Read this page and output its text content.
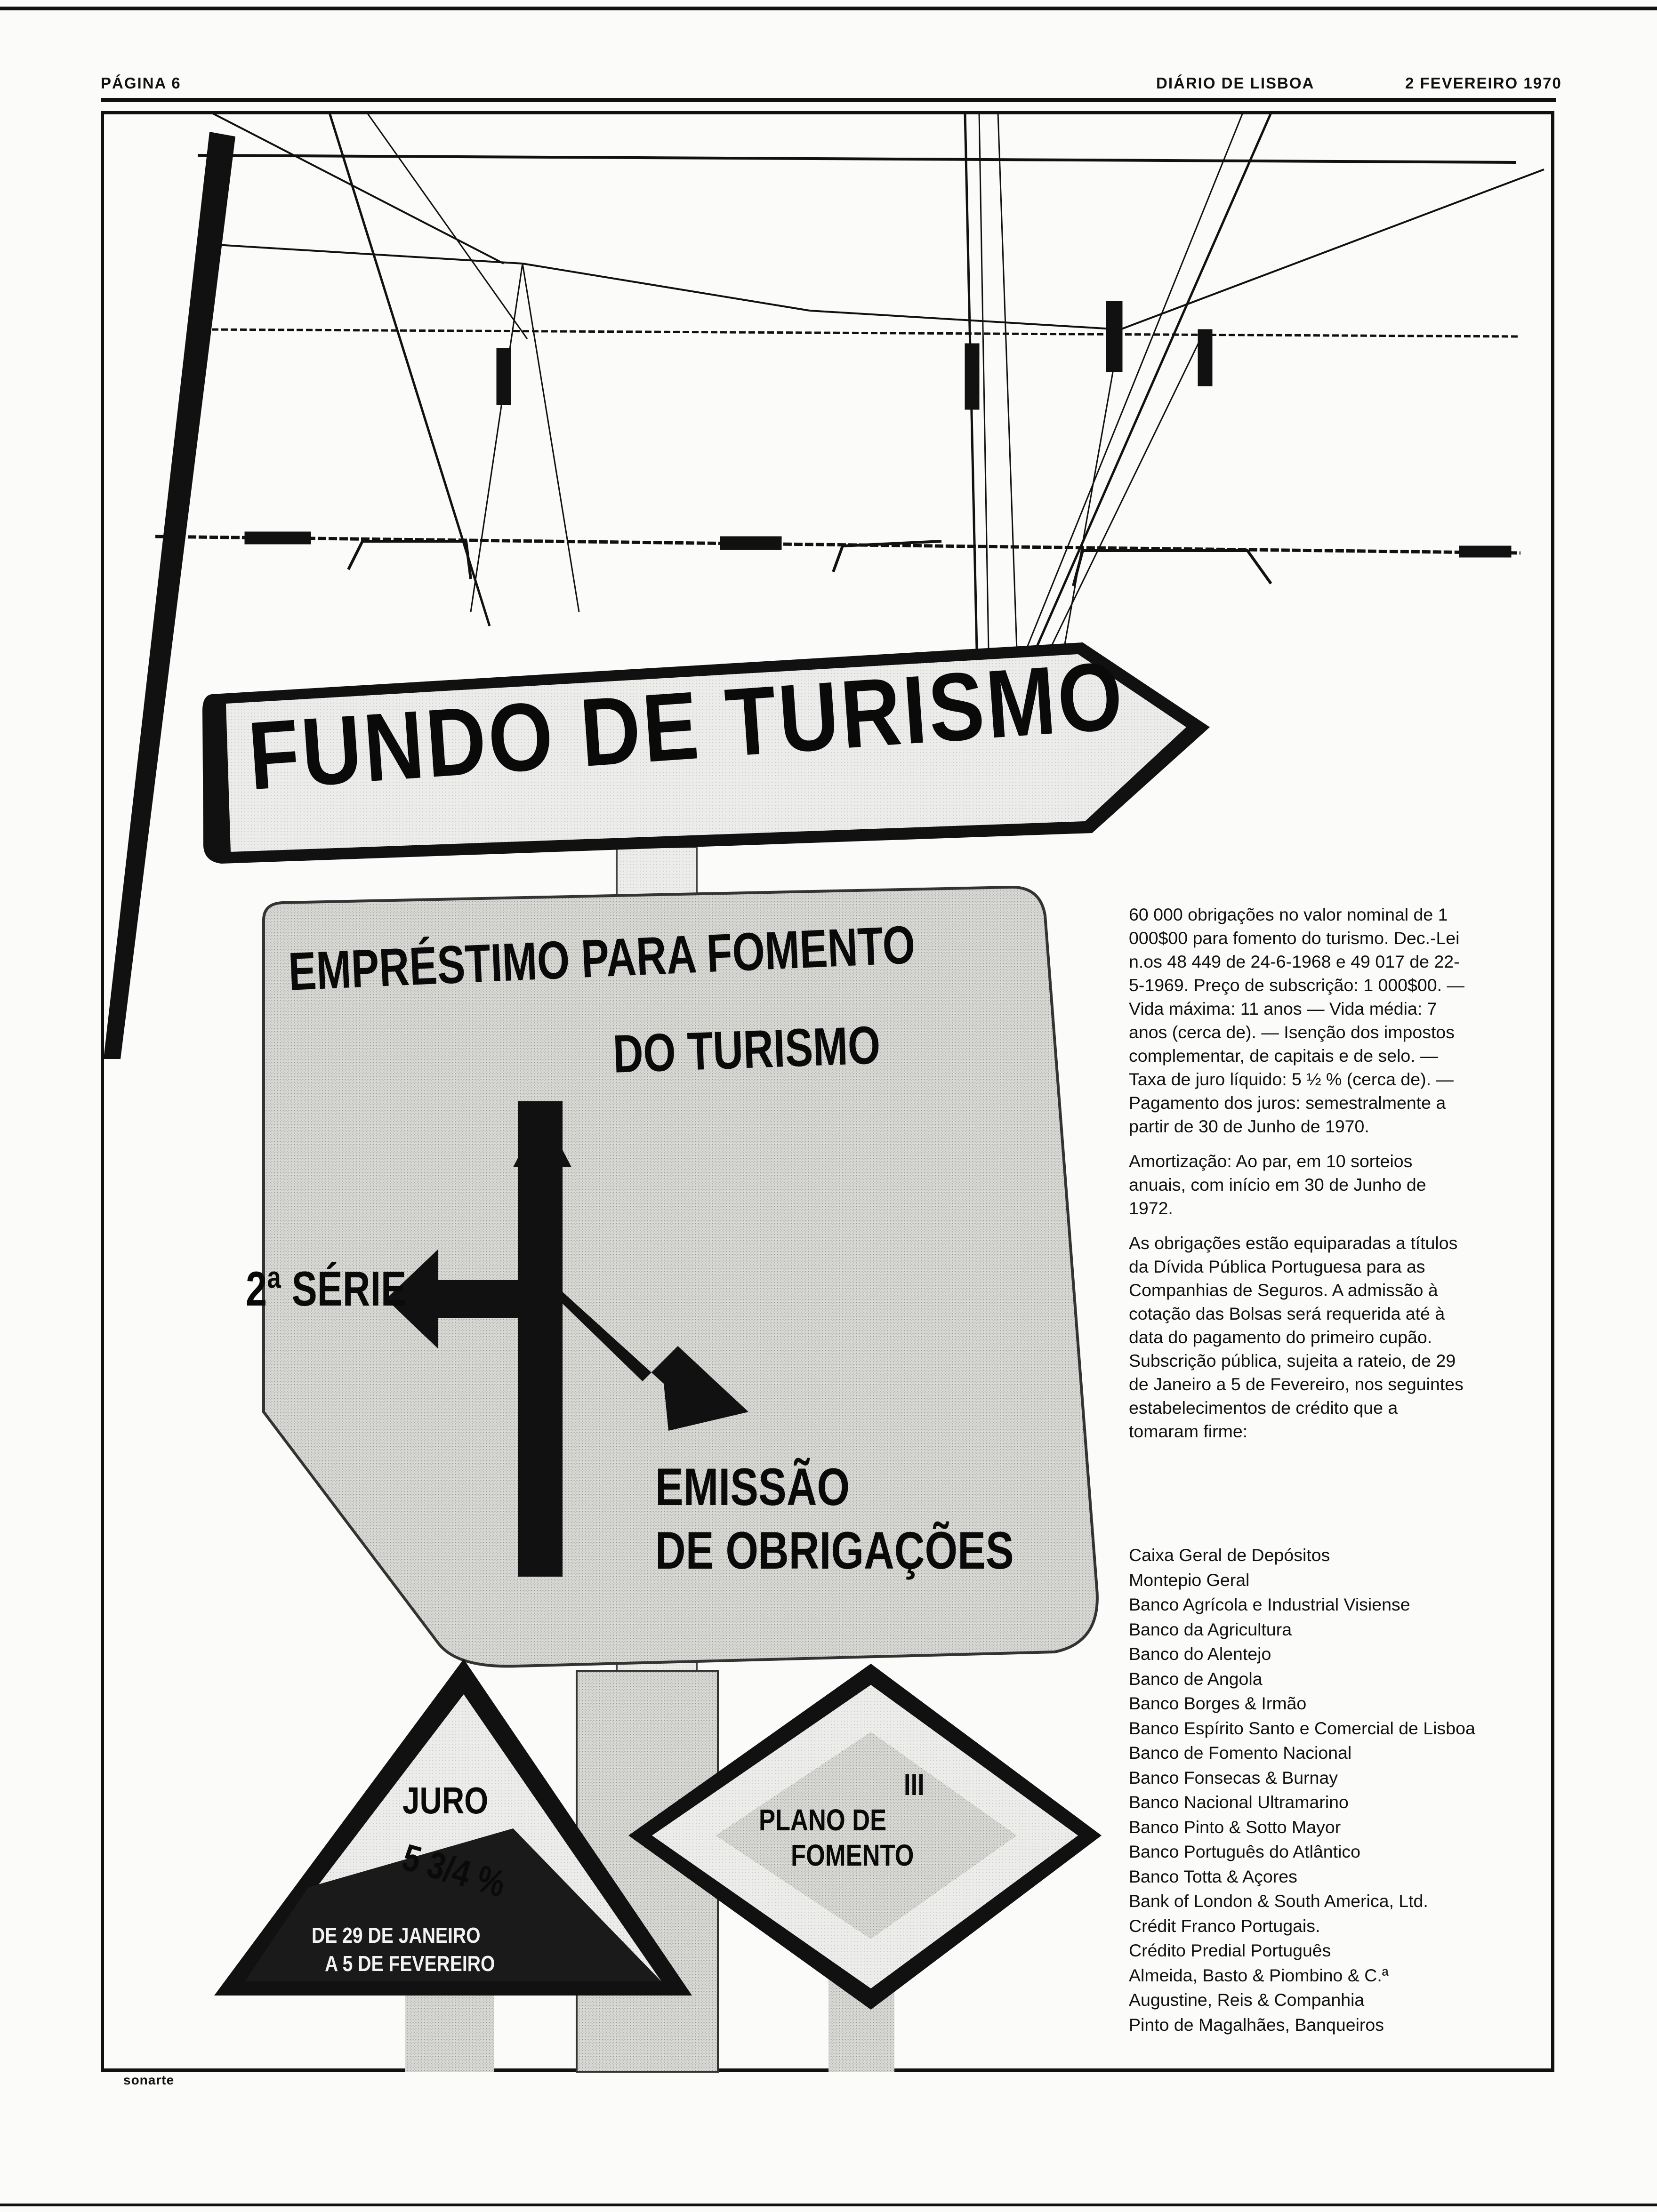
PÁGINA 6	DIÁRIO DE LISBOA	2 FEVEREIRO 1970
FUNDO DE TURISMO
EMPRÉSTIMO PARA FOMENTO
DO TURISMO
2ª SÉRIE
EMISSÃO
DE OBRIGAÇÕES
JURO
5 3/4 %
DE 29 DE JANEIRO
A 5 DE FEVEREIRO
III
PLANO DE
FOMENTO

60 000 obrigações no valor nominal de 1 000$00 para fomento do turismo. Dec.-Lei n.os 48 449 de 24-6-1968 e 49 017 de 22-5-1969. Preço de subscrição: 1 000$00. — Vida máxima: 11 anos — Vida média: 7 anos (cerca de). — Isenção dos impostos complementar, de capitais e de selo. — Taxa de juro líquido: 5 ½ % (cerca de). — Pagamento dos juros: semestralmente a partir de 30 de Junho de 1970.

Amortização: Ao par, em 10 sorteios anuais, com início em 30 de Junho de 1972.

As obrigações estão equiparadas a títulos da Dívida Pública Portuguesa para as Companhias de Seguros. A admissão à cotação das Bolsas será requerida até à data do pagamento do primeiro cupão. Subscrição pública, sujeita a rateio, de 29 de Janeiro a 5 de Fevereiro, nos seguintes estabelecimentos de crédito que a tomaram firme:

Caixa Geral de Depósitos
Montepio Geral
Banco Agrícola e Industrial Visiense
Banco da Agricultura
Banco do Alentejo
Banco de Angola
Banco Borges & Irmão
Banco Espírito Santo e Comercial de Lisboa
Banco de Fomento Nacional
Banco Fonsecas & Burnay
Banco Nacional Ultramarino
Banco Pinto & Sotto Mayor
Banco Português do Atlântico
Banco Totta & Açores
Bank of London & South America, Ltd.
Crédit Franco Portugais.
Crédito Predial Português
Almeida, Basto & Piombino & C.ª
Augustine, Reis & Companhia
Pinto de Magalhães, Banqueiros
sonarte
